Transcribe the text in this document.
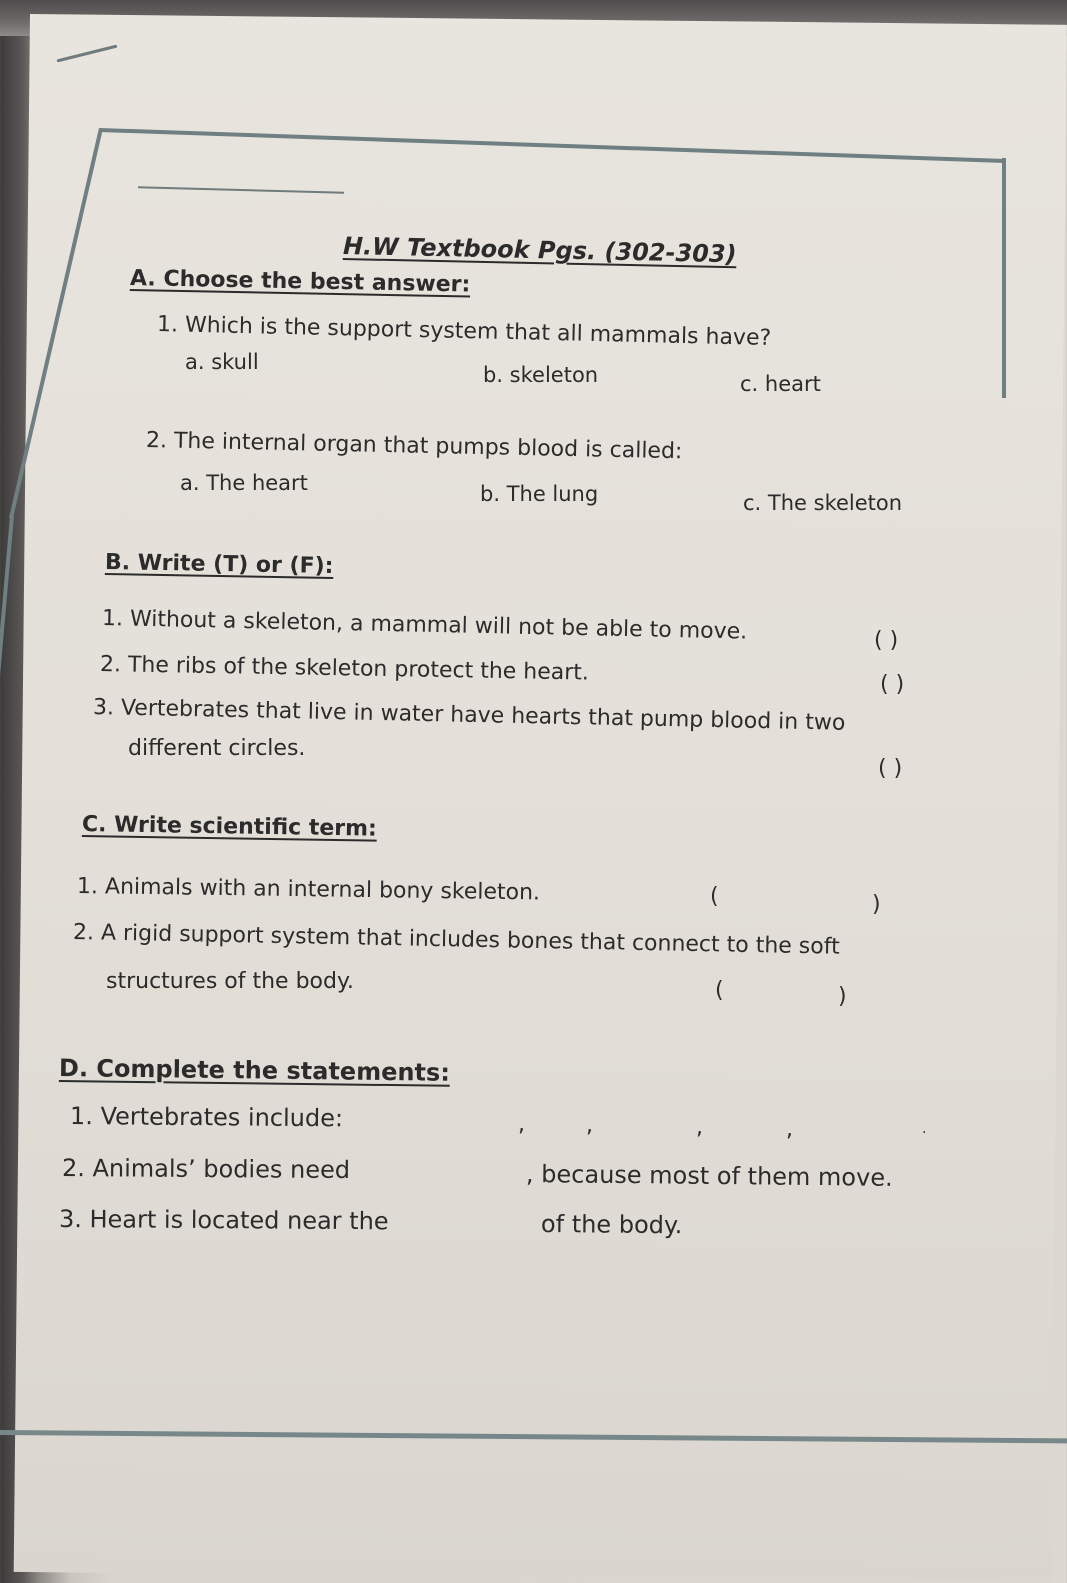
H.W Textbook Pgs. (302-303)
A. Choose the best answer:
1. Which is the support system that all mammals have?
a. skull
b. skeleton	c. heart
2. The internal organ that pumps blood is called:
a. The heart	b. The lung	c. The skeleton
B. Write (T) or (F):
1. Without a skeleton, a mammal will not be able to move.	( )
2. The ribs of the skeleton protect the heart.	( )
3. Vertebrates that live in water have hearts that pump blood in two
different circles.
( )
C. Write scientific term:
1. Animals with an internal bony skeleton.	(	)
2. A rigid support system that includes bones that connect to the soft
structures of the body.	(	)
D. Complete the statements:
1. Vertebrates include:	,	,	,	,	.
2. Animals’ bodies need	, because most of them move.
3. Heart is located near the	of the body.
